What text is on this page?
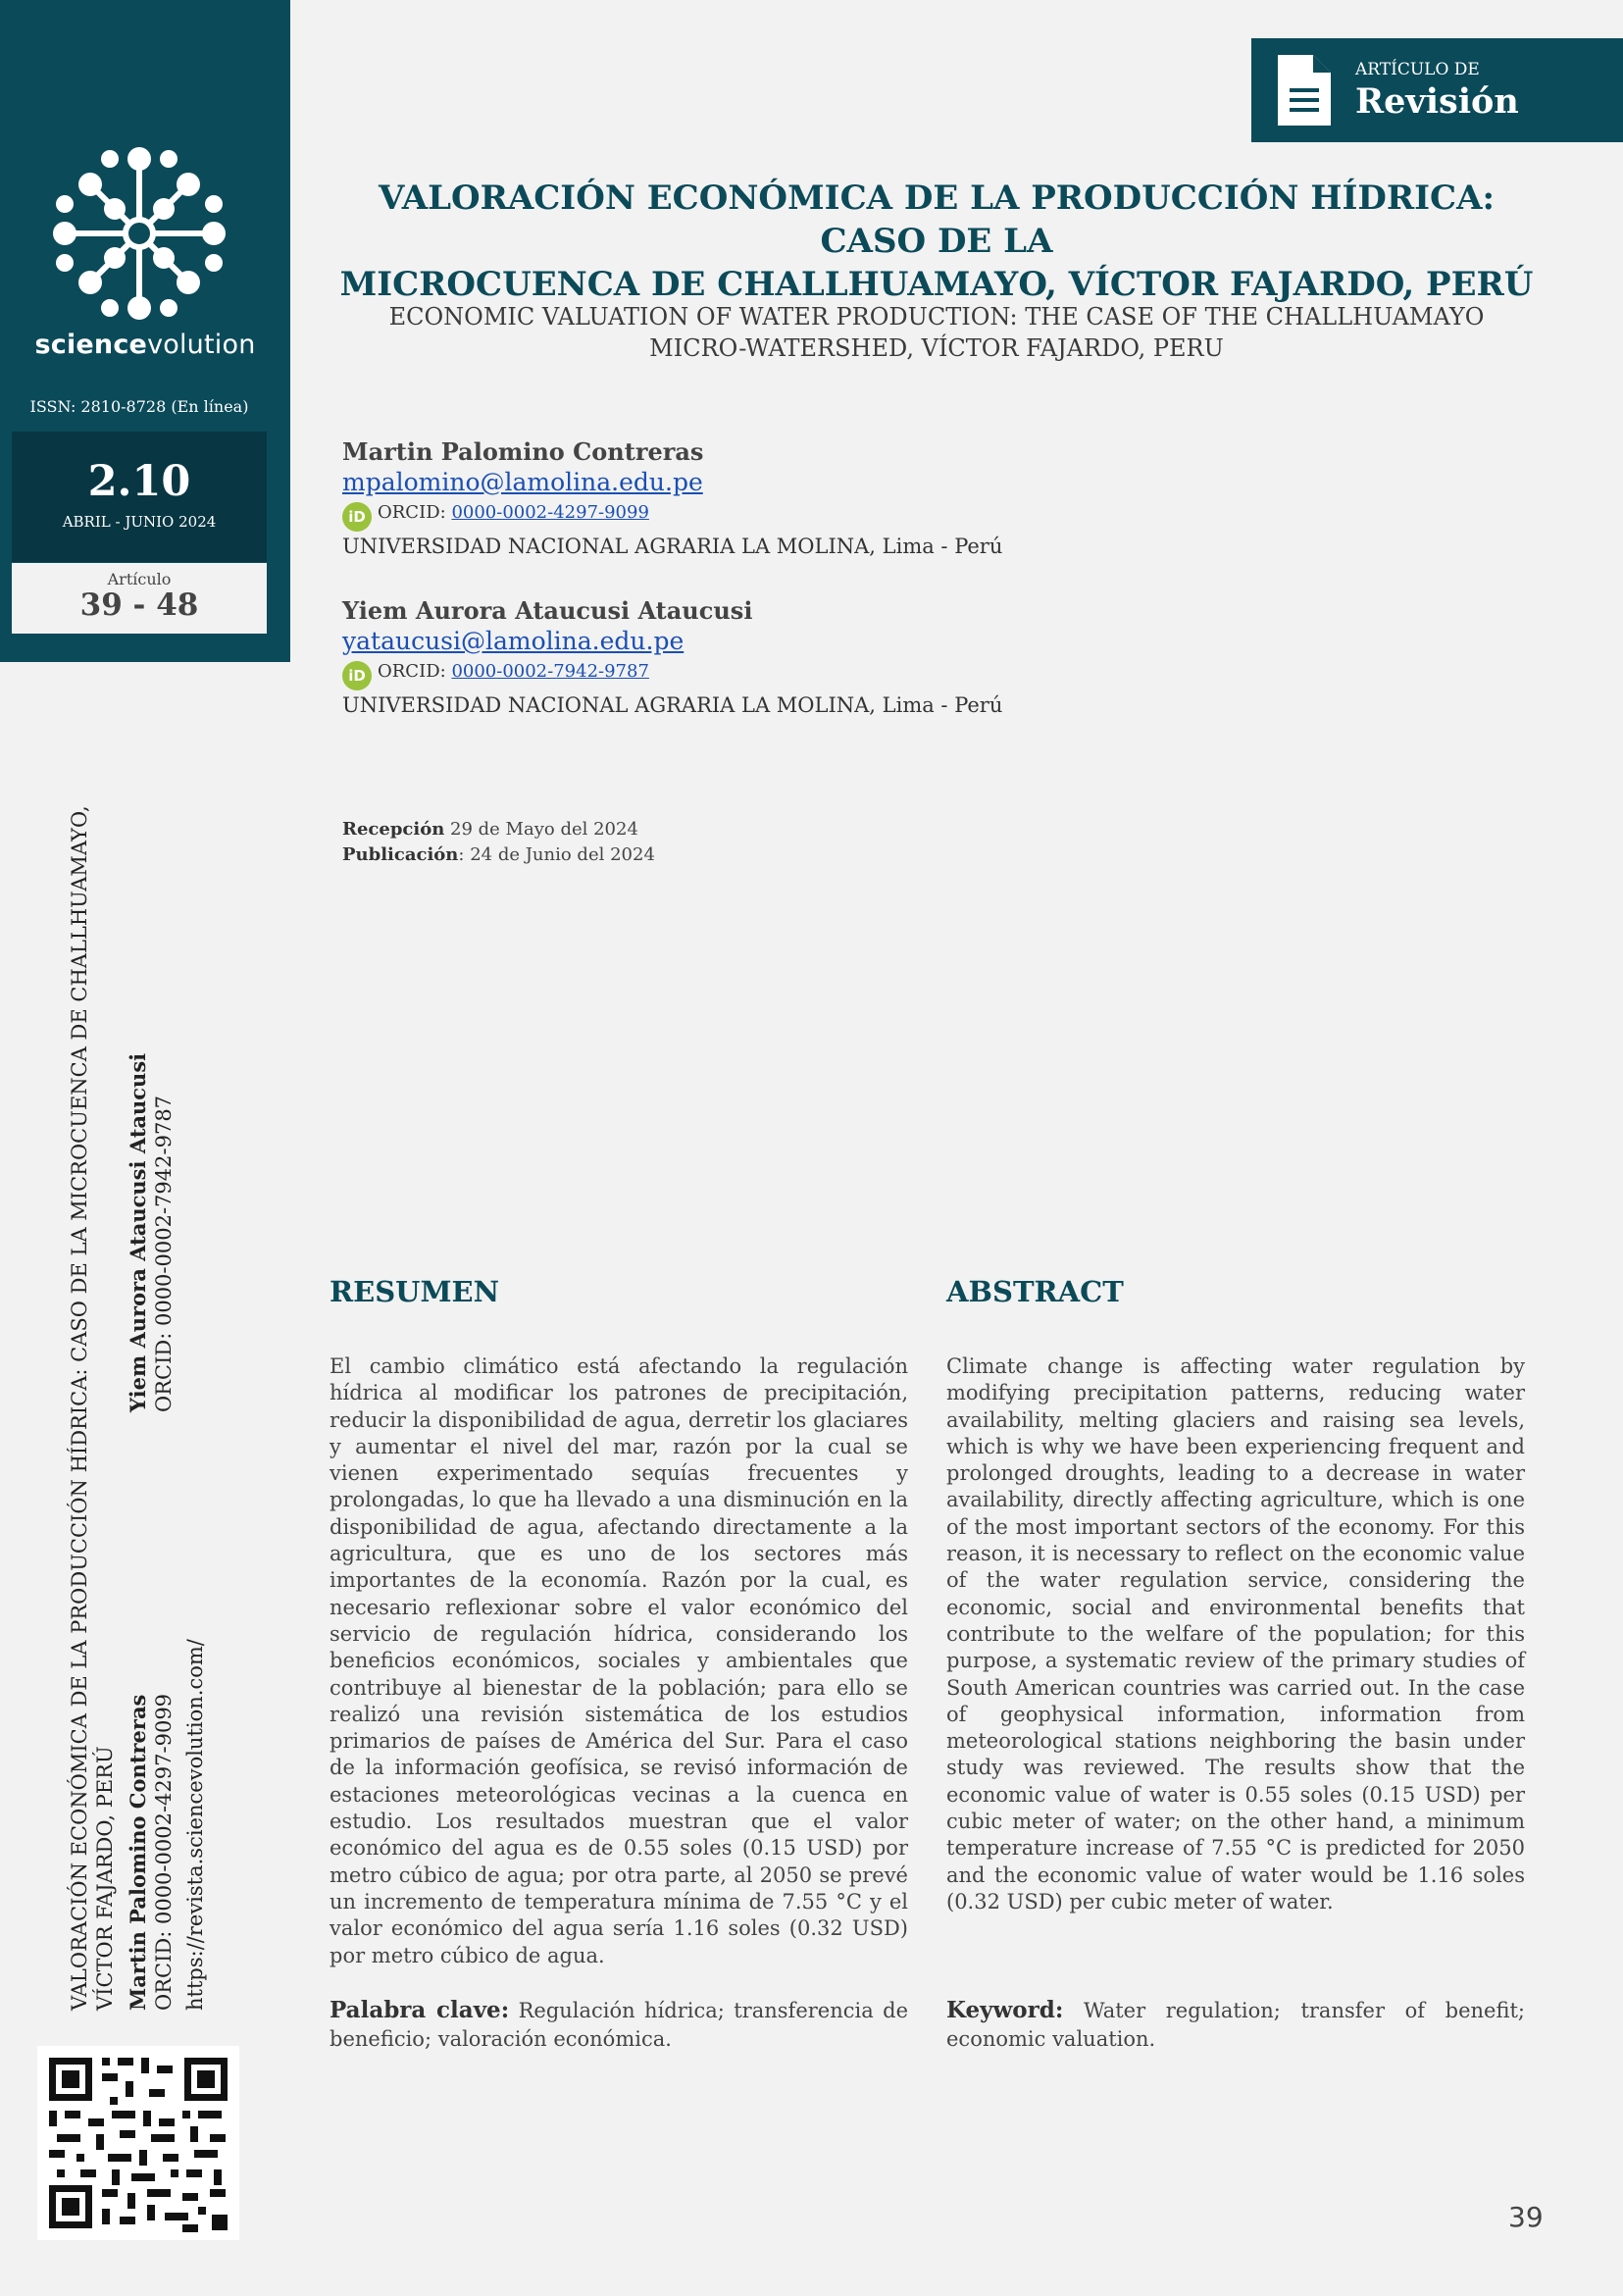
sciencevolution
ISSN: 2810-8728 (En línea)
2.10
ABRIL - JUNIO 2024
Artículo
39 - 48
ARTÍCULO DE
Revisión
VALORACIÓN ECONÓMICA DE LA PRODUCCIÓN HÍDRICA: CASO DE LA
MICROCUENCA DE CHALLHUAMAYO, VÍCTOR FAJARDO, PERÚ
ECONOMIC VALUATION OF WATER PRODUCTION: THE CASE OF THE CHALLHUAMAYO
MICRO-WATERSHED, VÍCTOR FAJARDO, PERU
Martin Palomino Contreras
mpalomino@lamolina.edu.pe
iD ORCID: 0000-0002-4297-9099
UNIVERSIDAD NACIONAL AGRARIA LA MOLINA, Lima - Perú
Yiem Aurora Ataucusi Ataucusi
yataucusi@lamolina.edu.pe
iD ORCID: 0000-0002-7942-9787
UNIVERSIDAD NACIONAL AGRARIA LA MOLINA, Lima - Perú
Recepción 29 de Mayo del 2024
Publicación: 24 de Junio del 2024
RESUMEN

El cambio climático está afectando la regulación hídrica al modificar los patrones de precipitación, reducir la disponibilidad de agua, derretir los glaciares y aumentar el nivel del mar, razón por la cual se vienen experimentado sequías frecuentes y prolongadas, lo que ha llevado a una disminución en la disponibilidad de agua, afectando directamente a la agricultura, que es uno de los sectores más importantes de la economía. Razón por la cual, es necesario reflexionar sobre el valor económico del servicio de regulación hídrica, considerando los beneficios económicos, sociales y ambientales que contribuye al bienestar de la población; para ello se realizó una revisión sistemática de los estudios primarios de países de América del Sur. Para el caso de la información geofísica, se revisó información de estaciones meteorológicas vecinas a la cuenca en estudio. Los resultados muestran que el valor económico del agua es de 0.55 soles (0.15 USD) por metro cúbico de agua; por otra parte, al 2050 se prevé un incremento de temperatura mínima de 7.55 °C y el valor económico del agua sería 1.16 soles (0.32 USD) por metro cúbico de agua.

ABSTRACT

Climate change is affecting water regulation by modifying precipitation patterns, reducing water availability, melting glaciers and raising sea levels, which is why we have been experiencing frequent and prolonged droughts, leading to a decrease in water availability, directly affecting agriculture, which is one of the most important sectors of the economy. For this reason, it is necessary to reflect on the economic value of the water regulation service, considering the economic, social and environmental benefits that contribute to the welfare of the population; for this purpose, a systematic review of the primary studies of South American countries was carried out. In the case of geophysical information, information from meteorological stations neighboring the basin under study was reviewed. The results show that the economic value of water is 0.55 soles (0.15 USD) per cubic meter of water; on the other hand, a minimum temperature increase of 7.55 °C is predicted for 2050 and the economic value of water would be 1.16 soles (0.32 USD) per cubic meter of water.

Palabra clave: Regulación hídrica; transferencia de beneficio; valoración económica.
Keyword: Water regulation; transfer of benefit; economic valuation.
VALORACIÓN ECONÓMICA DE LA PRODUCCIÓN HÍDRICA: CASO DE LA MICROCUENCA DE CHALLHUAMAYO, VÍCTOR FAJARDO, PERÚ Martin Palomino Contreras ORCID: 0000-0002-4297-9099
Yiem Aurora Ataucusi Ataucusi ORCID: 0000-0002-7942-9787
https://revista.sciencevolution.com/
39
